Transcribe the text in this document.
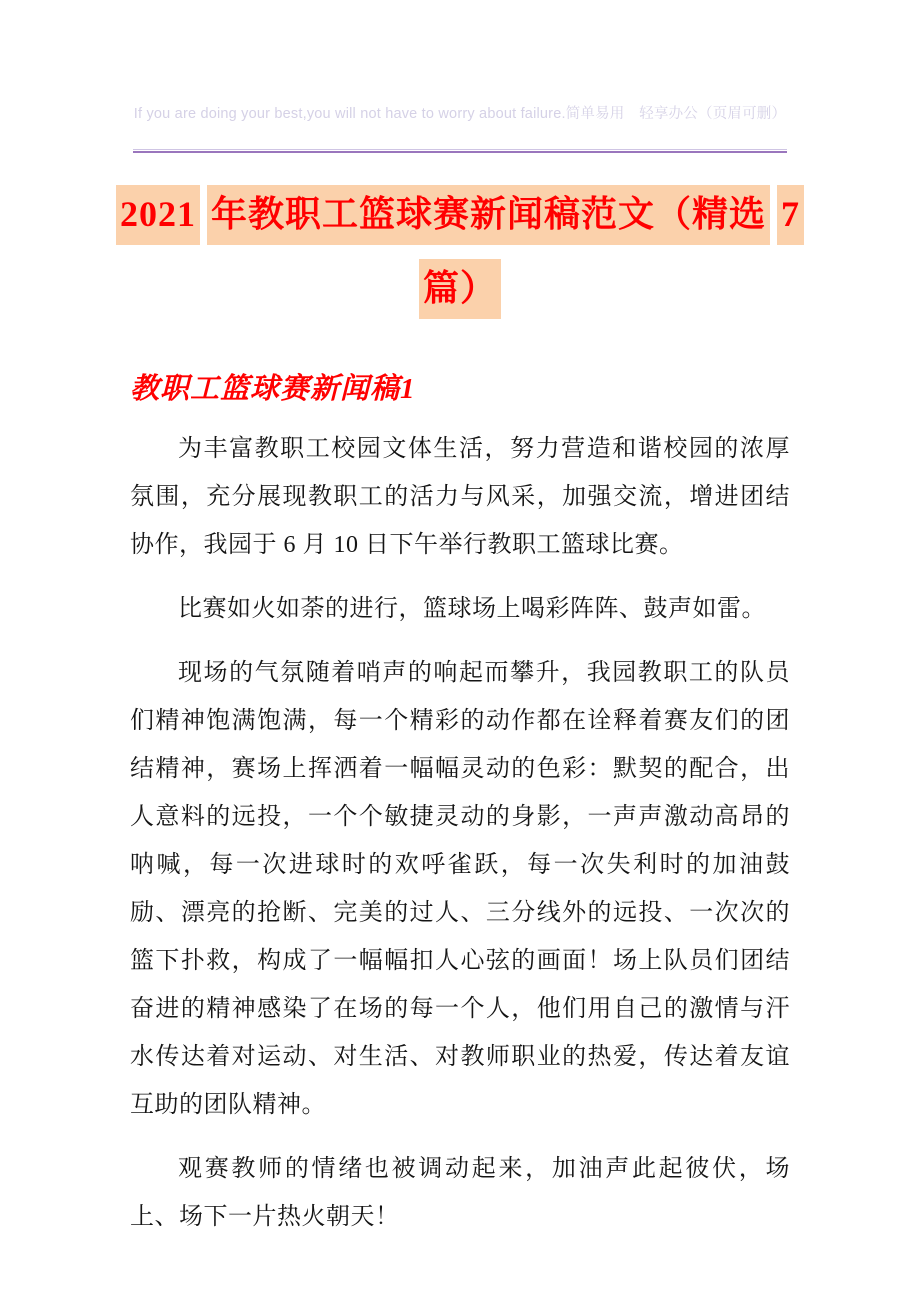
If you are doing your best,you will not have to worry about failure.简单易用　轻享办公（页眉可删）
2021 年教职工篮球赛新闻稿范文（精选 7
篇）
教职工篮球赛新闻稿1

为丰富教职工校园文体生活，努力营造和谐校园的浓厚氛围，充分展现教职工的活力与风采，加强交流，增进团结协作，我园于 6 月 10 日下午举行教职工篮球比赛。

比赛如火如荼的进行，篮球场上喝彩阵阵、鼓声如雷。

现场的气氛随着哨声的响起而攀升，我园教职工的队员们精神饱满饱满，每一个精彩的动作都在诠释着赛友们的团结精神，赛场上挥洒着一幅幅灵动的色彩：默契的配合，出人意料的远投，一个个敏捷灵动的身影，一声声激动高昂的呐喊，每一次进球时的欢呼雀跃，每一次失利时的加油鼓励、漂亮的抢断、完美的过人、三分线外的远投、一次次的篮下扑救，构成了一幅幅扣人心弦的画面！场上队员们团结奋进的精神感染了在场的每一个人，他们用自己的激情与汗水传达着对运动、对生活、对教师职业的热爱，传达着友谊互助的团队精神。

观赛教师的情绪也被调动起来，加油声此起彼伏，场上、场下一片热火朝天！
